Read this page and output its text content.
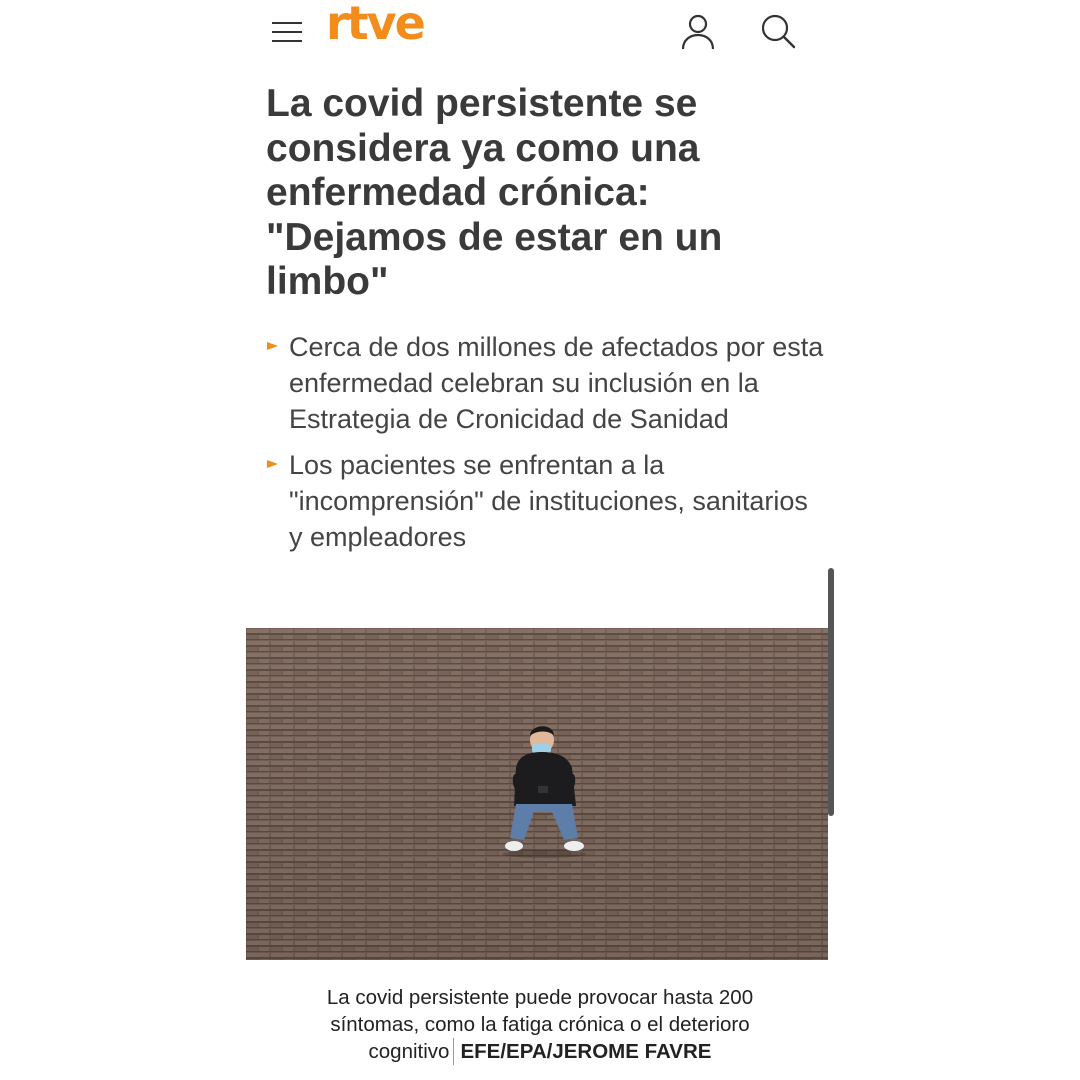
rtve
La covid persistente se considera ya como una enfermedad crónica: "Dejamos de estar en un limbo"
Cerca de dos millones de afectados por esta enfermedad celebran su inclusión en la Estrategia de Cronicidad de Sanidad
Los pacientes se enfrentan a la "incomprensión" de instituciones, sanitarios y empleadores
La covid persistente puede provocar hasta 200 síntomas, como la fatiga crónica o el deterioro cognitivo EFE/EPA/JEROME FAVRE
